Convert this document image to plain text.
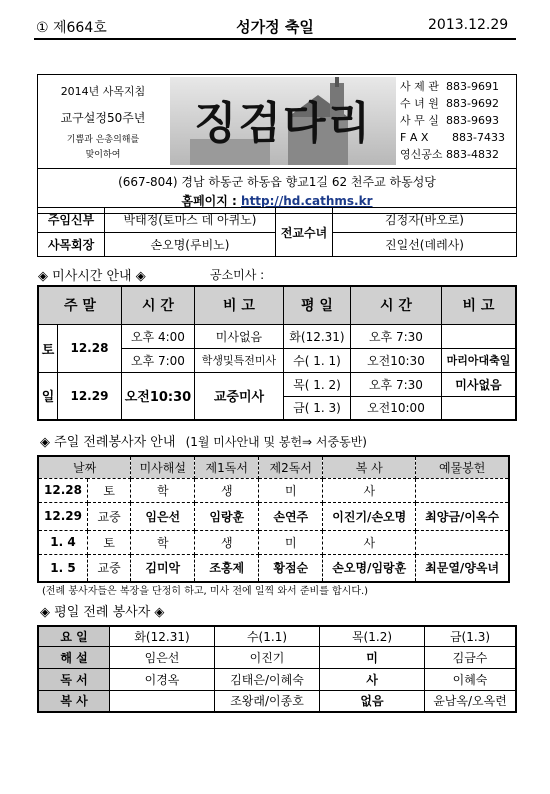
① 제664호	성가정 축일	2013.12.29
2014년 사목지침
교구설정50주년
기쁨과 은총의해를
맞이하여
징검다리
사 제 관 883-9691
수 녀 원 883-9692
사 무 실 883-9693
F A X 883-7433
영신공소 883-4832
(667-804) 경남 하동군 하동읍 향교1길 62 천주교 하동성당
홈페이지 : http://hd.cathms.kr
주임신부	박태정(토마스 데 아퀴노)	전교수녀	김정자(바오로)
사목회장	손오명(루비노)		진일선(데레사)
◈ 미사시간 안내 ◈	공소미사 :
주 말		시 간	비 고	평 일	시 간	비 고
토	12.28	오후 4:00	미사없음	화(12.31)	오후 7:30	
		오후 7:00	학생및특전미사	수( 1. 1)	오전10:30	마리아대축일
일	12.29	오전10:30	교중미사	목( 1. 2)	오후 7:30	미사없음
				금( 1. 3)	오전10:00	
◈ 주일 전례봉사자 안내 (1월 미사안내 및 봉헌⇒ 서중동반)
날짜		미사해설	제1독서	제2독서	복 사	예물봉헌
12.28	토	학	생	미	사	
12.29	교중	임은선	임랑훈	손연주	이진기/손오명	최양금/이옥수
1. 4	토	학	생	미	사	
1. 5	교중	김미악	조홍제	황점순	손오명/임랑훈	최문열/양옥녀
(전례 봉사자들은 복장을 단정히 하고, 미사 전에 일찍 와서 준비를 합시다.)
◈ 평일 전례 봉사자 ◈
요 일	화(12.31)	수(1.1)	목(1.2)	금(1.3)
해 설	임은선	이진기	미	김금수
독 서	이경옥	김태은/이혜숙	사	이혜숙
복 사		조왕래/이종호	없음	윤남옥/오옥련
